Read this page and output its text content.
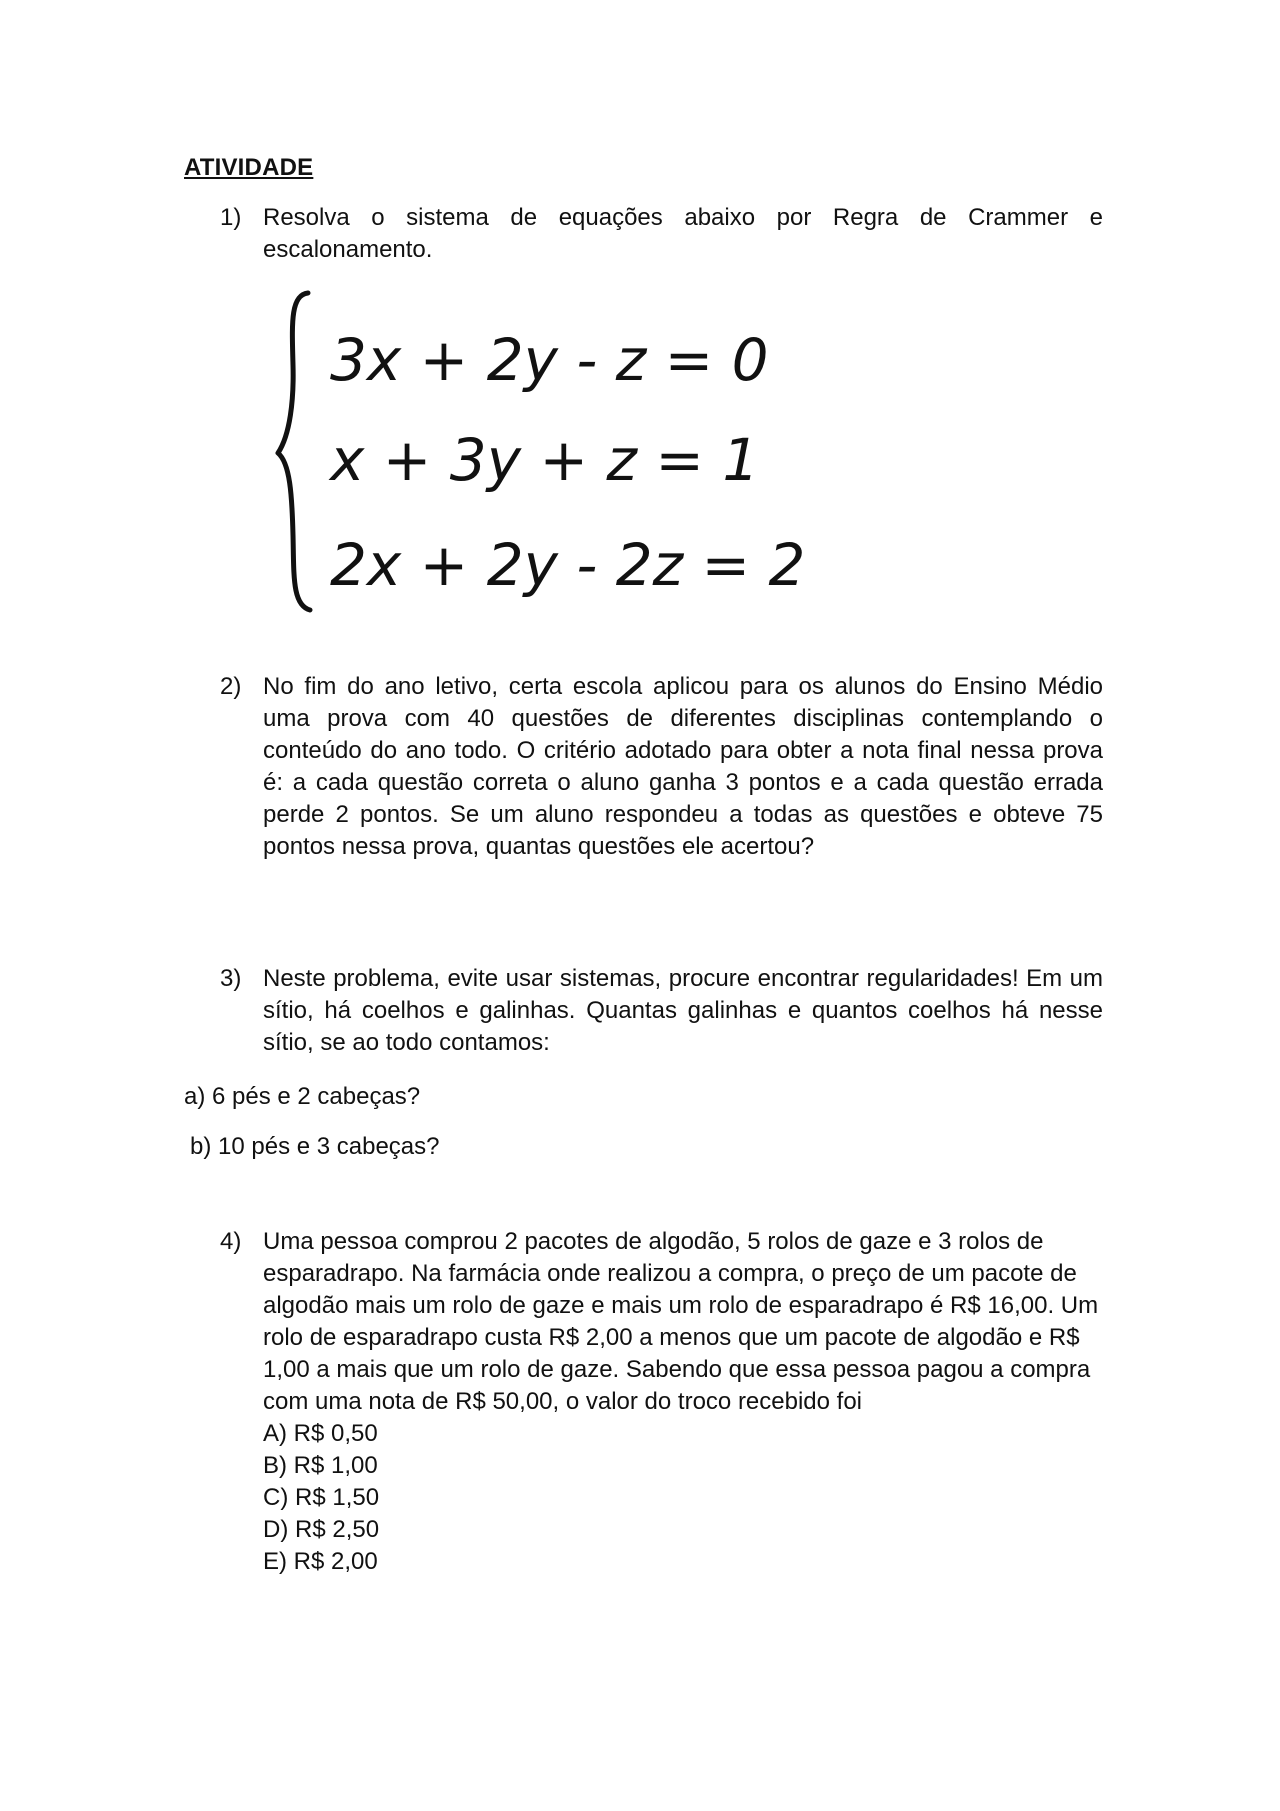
ATIVIDADE
1) Resolva o sistema de equações abaixo por Regra de Crammer e escalonamento.
3x + 2y - z = 0
x + 3y + z = 1
2x + 2y - 2z = 2
2) No fim do ano letivo, certa escola aplicou para os alunos do Ensino Médio uma prova com 40 questões de diferentes disciplinas contemplando o conteúdo do ano todo. O critério adotado para obter a nota final nessa prova é: a cada questão correta o aluno ganha 3 pontos e a cada questão errada perde 2 pontos. Se um aluno respondeu a todas as questões e obteve 75 pontos nessa prova, quantas questões ele acertou?
3) Neste problema, evite usar sistemas, procure encontrar regularidades! Em um sítio, há coelhos e galinhas. Quantas galinhas e quantos coelhos há nesse sítio, se ao todo contamos:
a) 6 pés e 2 cabeças?
b) 10 pés e 3 cabeças?
4) Uma pessoa comprou 2 pacotes de algodão, 5 rolos de gaze e 3 rolos de esparadrapo. Na farmácia onde realizou a compra, o preço de um pacote de algodão mais um rolo de gaze e mais um rolo de esparadrapo é R$ 16,00. Um rolo de esparadrapo custa R$ 2,00 a menos que um pacote de algodão e R$ 1,00 a mais que um rolo de gaze. Sabendo que essa pessoa pagou a compra com uma nota de R$ 50,00, o valor do troco recebido foi
A) R$ 0,50
B) R$ 1,00
C) R$ 1,50
D) R$ 2,50
E) R$ 2,00
